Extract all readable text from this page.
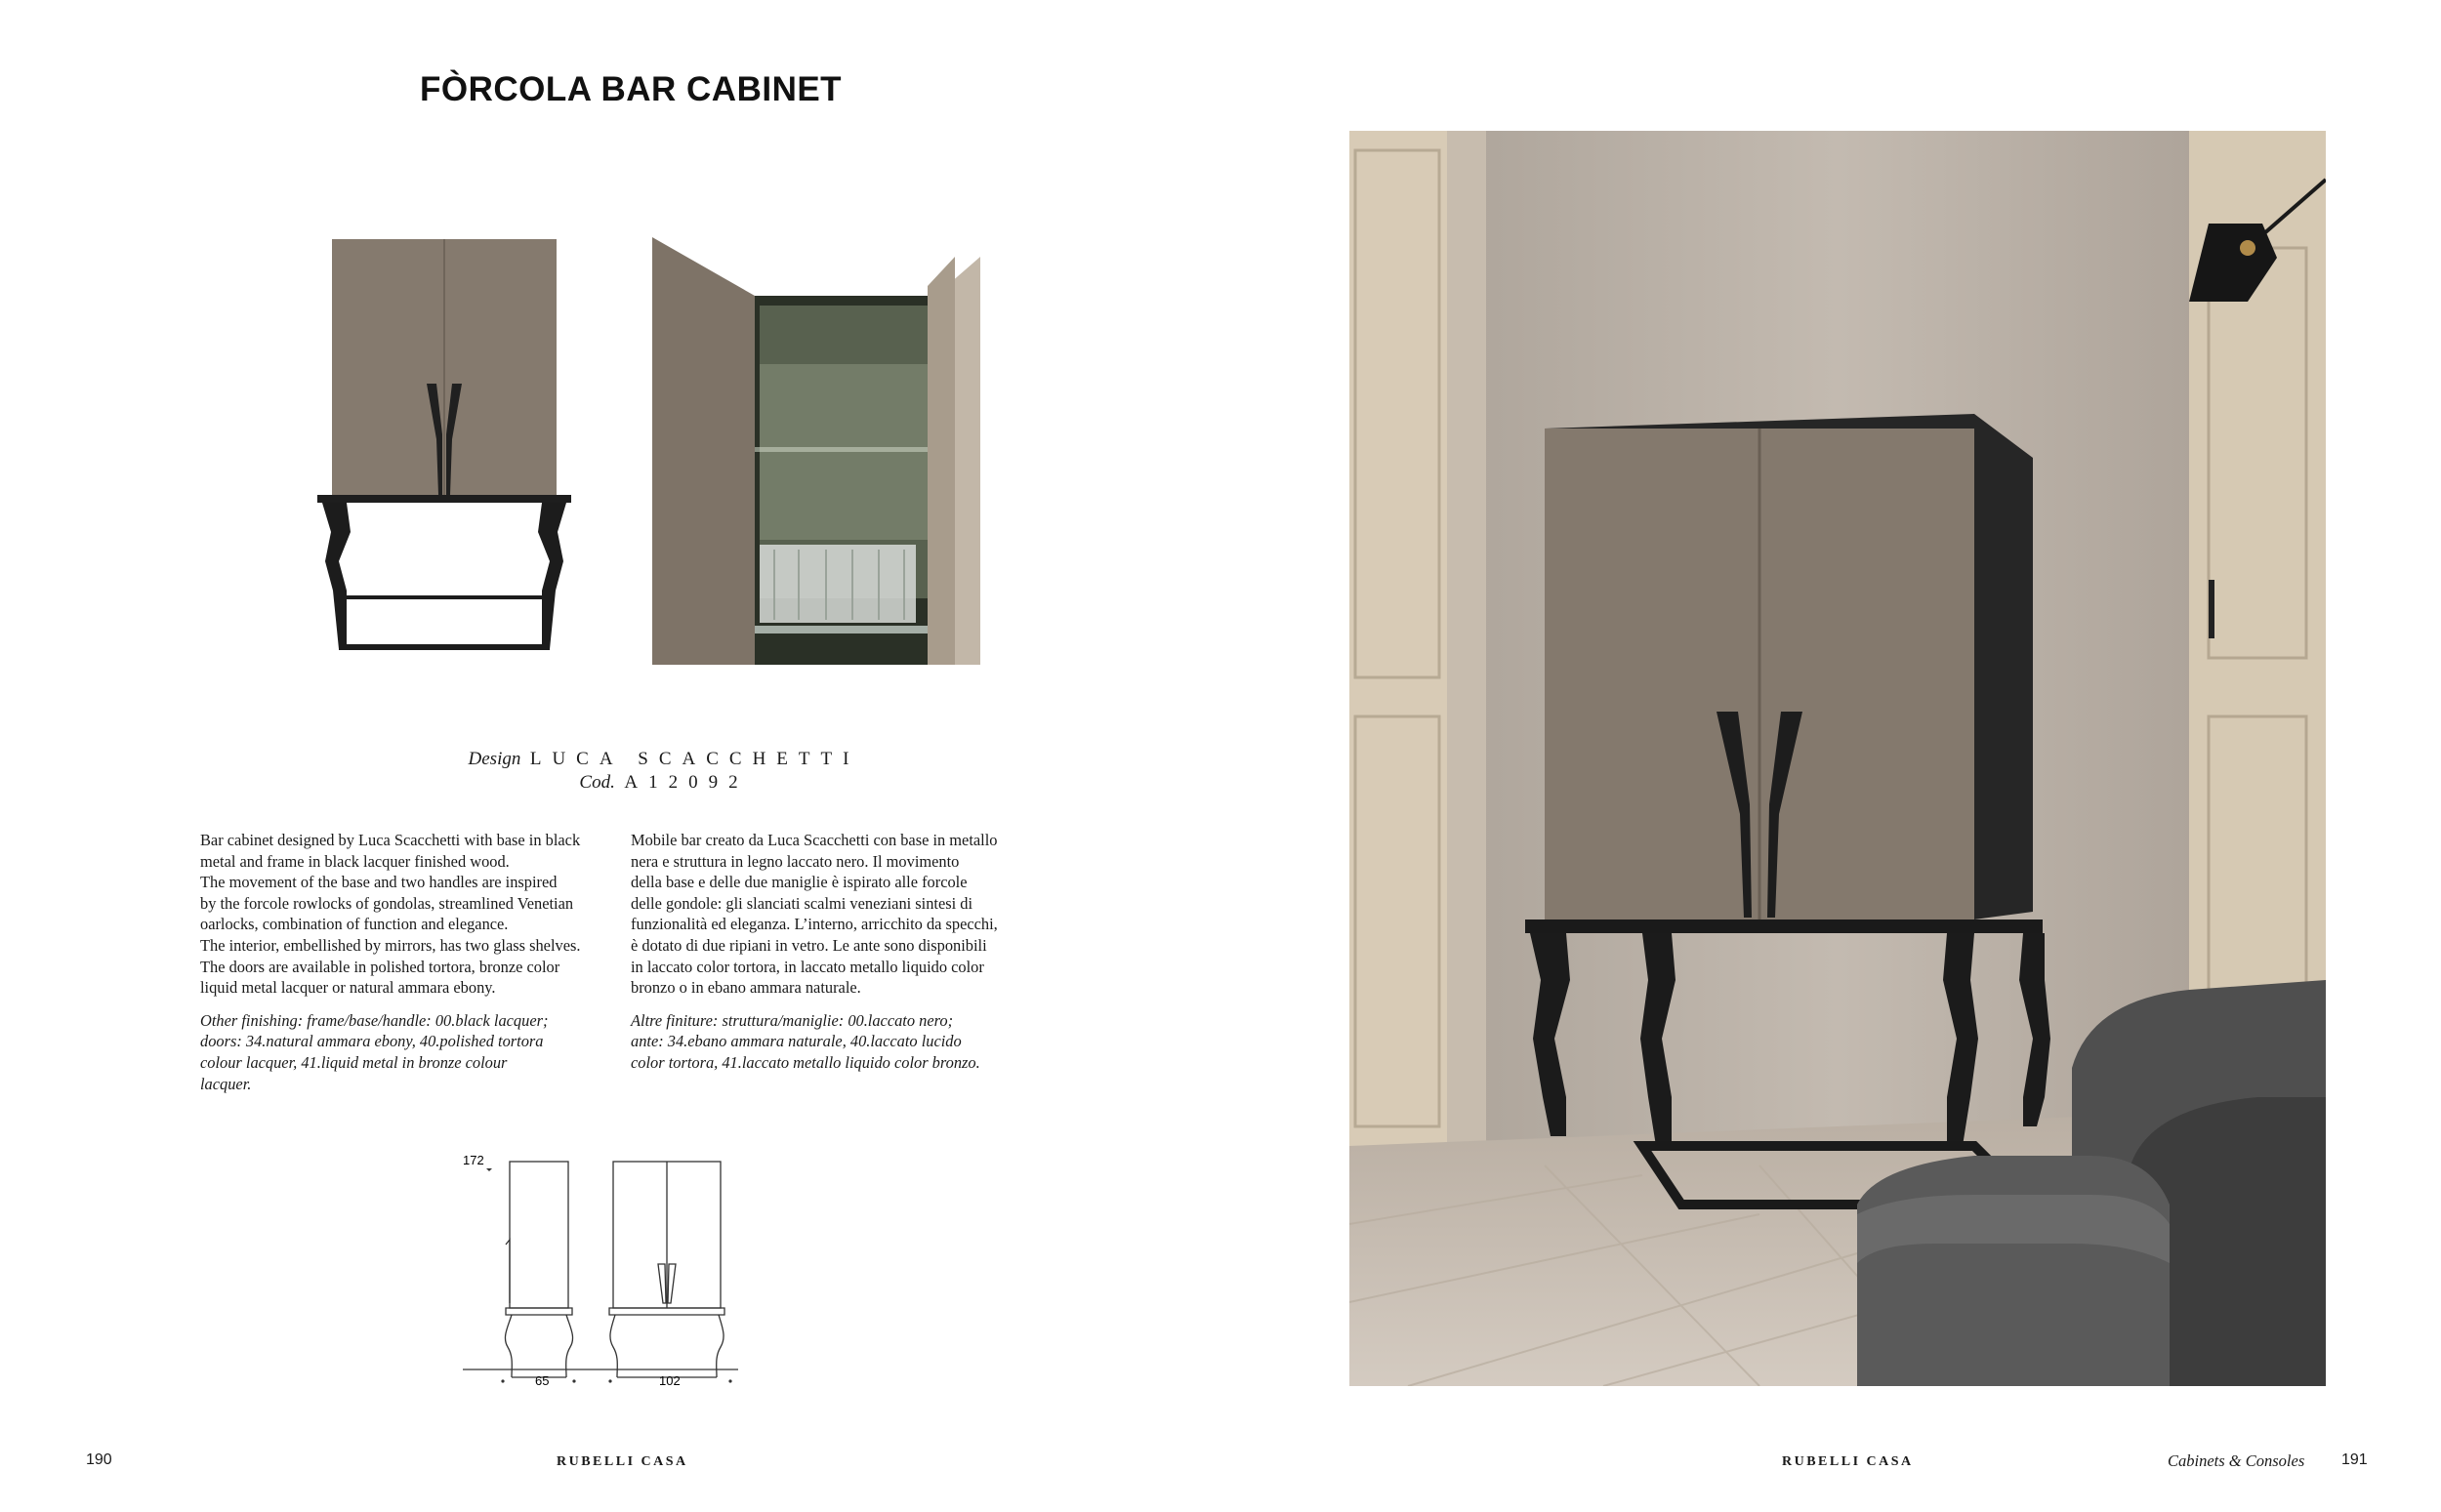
FÒRCOLA BAR CABINET
Design LUCA SCACCHETTI
Cod. A12092

Bar cabinet designed by Luca Scacchetti with base in black

metal and frame in black lacquer finished wood.

The movement of the base and two handles are inspired

by the forcole rowlocks of gondolas, streamlined Venetian

oarlocks, combination of function and elegance.

The interior, embellished by mirrors, has two glass shelves.

The doors are available in polished tortora, bronze color

liquid metal lacquer or natural ammara ebony.

Other finishing: frame/base/handle: 00.black lacquer;

doors: 34.natural ammara ebony, 40.polished tortora

colour lacquer, 41.liquid metal in bronze colour

lacquer.

Mobile bar creato da Luca Scacchetti con base in metallo

nera e struttura in legno laccato nero. Il movimento

della base e delle due maniglie è ispirato alle forcole

delle gondole: gli slanciati scalmi veneziani sintesi di

funzionalità ed eleganza. L’interno, arricchito da specchi,

è dotato di due ripiani in vetro. Le ante sono disponibili

in laccato color tortora, in laccato metallo liquido color

bronzo o in ebano ammara naturale.

Altre finiture: struttura/maniglie: 00.laccato nero;

ante: 34.ebano ammara naturale, 40.laccato lucido

color tortora, 41.laccato metallo liquido color bronzo.

172
65	102
190	RUBELLI CASA	RUBELLI CASA	Cabinets & Consoles 191
